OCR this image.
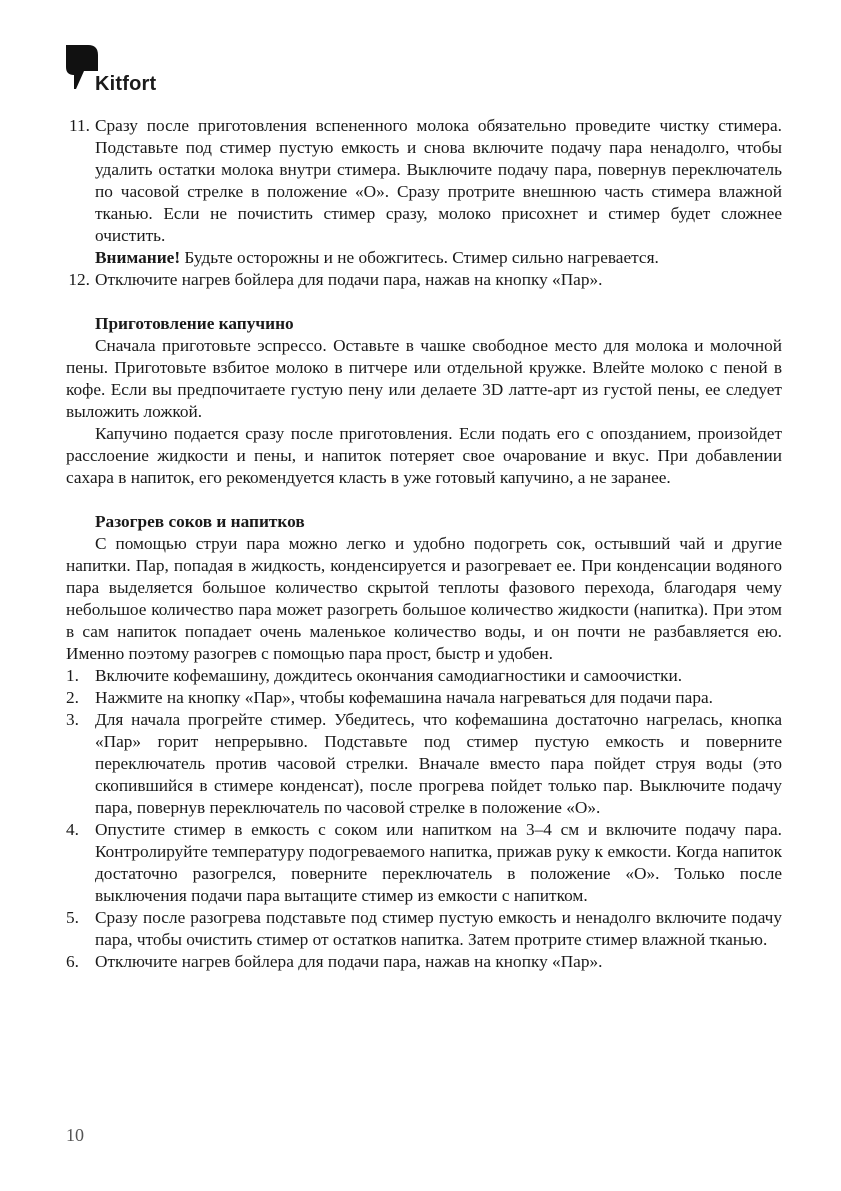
Kitfort
11. Сразу после приготовления вспененного молока обязательно проведите чистку стимера. Подставьте под стимер пустую емкость и снова включите подачу пара ненадолго, чтобы удалить остатки молока внутри стимера. Выключите подачу пара, повернув переключатель по часовой стрелке в положение «O». Сразу протрите внешнюю часть стимера влажной тканью. Если не почистить стимер сразу, молоко присохнет и стимер будет сложнее очистить.
Внимание! Будьте осторожны и не обожгитесь. Стимер сильно нагревается.
12. Отключите нагрев бойлера для подачи пара, нажав на кнопку «Пар».
Приготовление капучино

Сначала приготовьте эспрессо. Оставьте в чашке свободное место для молока и молочной пены. Приготовьте взбитое молоко в питчере или отдельной кружке. Влейте молоко с пеной в кофе. Если вы предпочитаете густую пену или делаете 3D латте-арт из густой пены, ее следует выложить ложкой.

Капучино подается сразу после приготовления. Если подать его с опозданием, произойдет расслоение жидкости и пены, и напиток потеряет свое очарование и вкус. При добавлении сахара в напиток, его рекомендуется класть в уже готовый капучино, а не заранее.

Разогрев соков и напитков

С помощью струи пара можно легко и удобно подогреть сок, остывший чай и другие напитки. Пар, попадая в жидкость, конденсируется и разогревает ее. При конденсации водяного пара выделяется большое количество скрытой теплоты фазового перехода, благодаря чему небольшое количество пара может разогреть большое количество жидкости (напитка). При этом в сам напиток попадает очень маленькое количество воды, и он почти не разбавляется ею. Именно поэтому разогрев с помощью пара прост, быстр и удобен.

1. Включите кофемашину, дождитесь окончания самодиагностики и самоочистки.
2. Нажмите на кнопку «Пар», чтобы кофемашина начала нагреваться для подачи пара.
3. Для начала прогрейте стимер. Убедитесь, что кофемашина достаточно нагрелась, кнопка «Пар» горит непрерывно. Подставьте под стимер пустую емкость и поверните переключатель против часовой стрелки. Вначале вместо пара пойдет струя воды (это скопившийся в стимере конденсат), после прогрева пойдет только пар. Выключите подачу пара, повернув переключатель по часовой стрелке в положение «O».
4. Опустите стимер в емкость с соком или напитком на 3–4 см и включите подачу пара. Контролируйте температуру подогреваемого напитка, прижав руку к емкости. Когда напиток достаточно разогрелся, поверните переключатель в положение «O». Только после выключения подачи пара вытащите стимер из емкости с напитком.
5. Сразу после разогрева подставьте под стимер пустую емкость и ненадолго включите подачу пара, чтобы очистить стимер от остатков напитка. Затем протрите стимер влажной тканью.
6. Отключите нагрев бойлера для подачи пара, нажав на кнопку «Пар».
10
